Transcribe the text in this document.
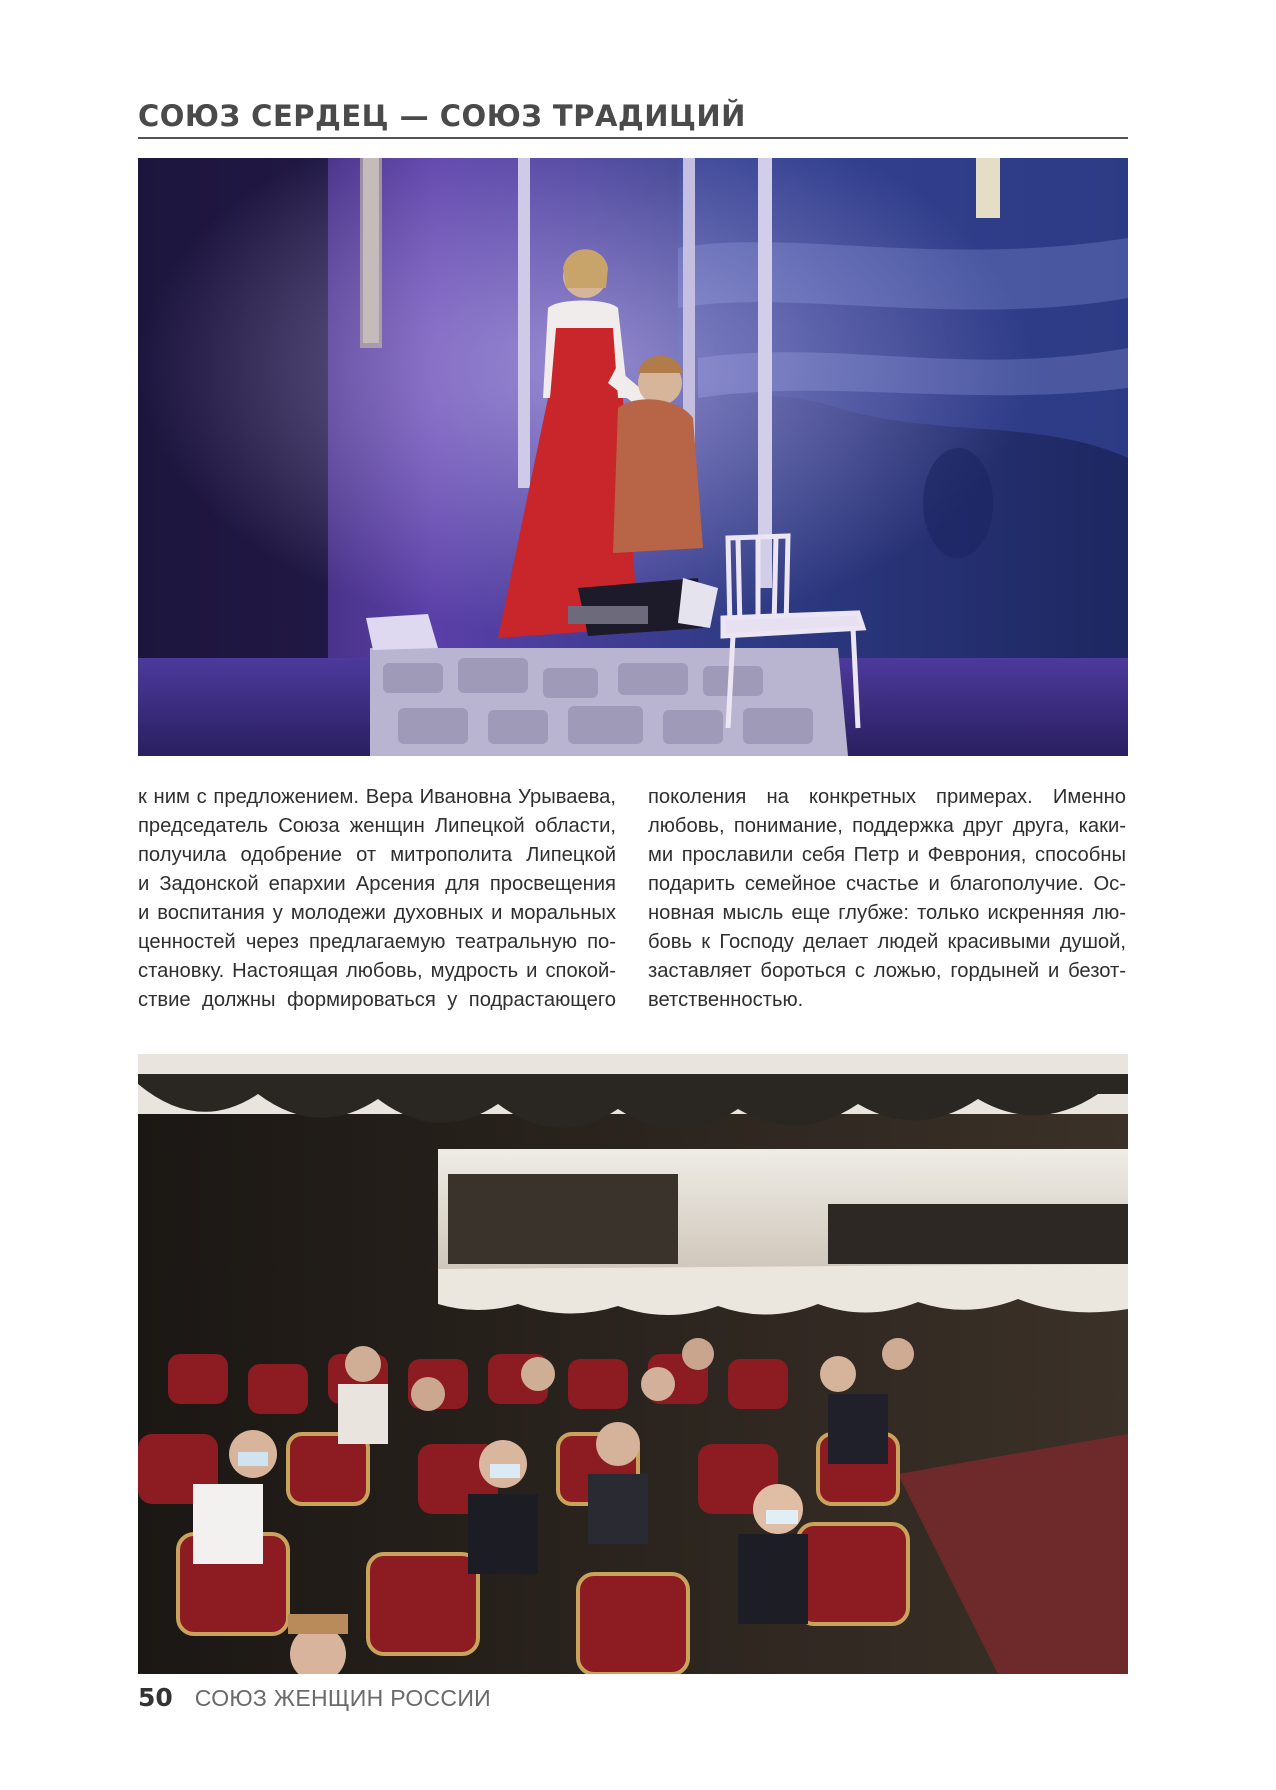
СОЮЗ СЕРДЕЦ — СОЮЗ ТРАДИЦИЙ
к ним с предложением. Вера Ивановна Урываева,
председатель Союза женщин Липецкой области,
получила одобрение от митрополита Липецкой
и Задонской епархии Арсения для просвещения
и воспитания у молодежи духовных и моральных
ценностей через предлагаемую театральную по-
становку. Настоящая любовь, мудрость и спокой-
ствие должны формироваться у подрастающего
поколения на конкретных примерах. Именно
любовь, понимание, поддержка друг друга, каки-
ми прославили себя Петр и Феврония, способны
подарить семейное счастье и благополучие. Ос-
новная мысль еще глубже: только искренняя лю-
бовь к Господу делает людей красивыми душой,
заставляет бороться с ложью, гордыней и безот-
ветственностью.
50 СОЮЗ ЖЕНЩИН РОССИИ
